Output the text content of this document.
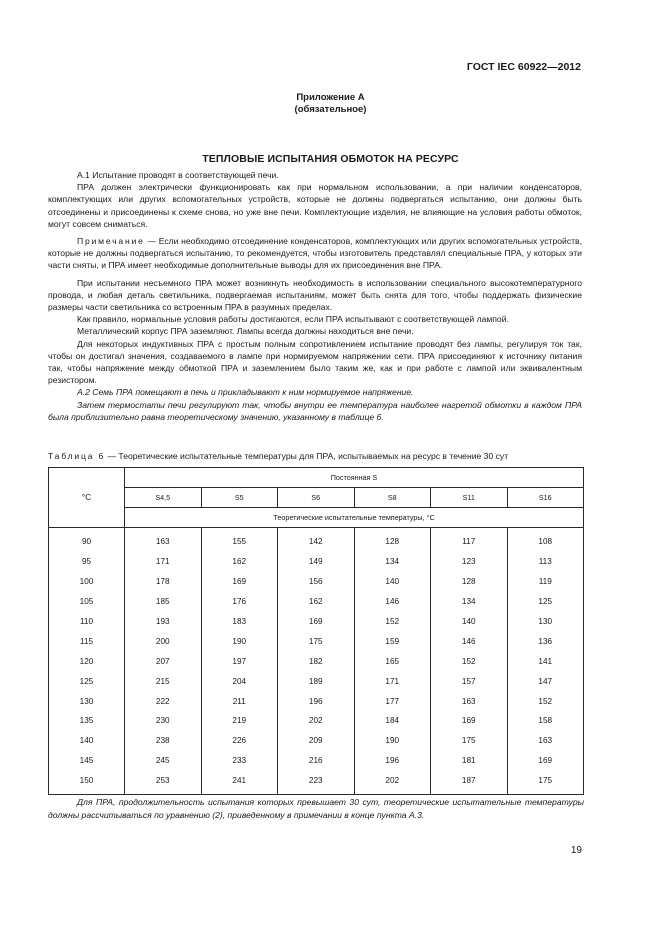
ГОСТ IEC 60922—2012
Приложение А
(обязательное)
ТЕПЛОВЫЕ ИСПЫТАНИЯ ОБМОТОК НА РЕСУРС

А.1 Испытание проводят в соответствующей печи.

ПРА должен электрически функционировать как при нормальном использовании, а при наличии конденсаторов, комплектующих или других вспомогательных устройств, которые не должны подвергаться испытанию, они должны быть отсоединены и присоединены к схеме снова, но уже вне печи. Комплектующие изделия, не влияющие на условия работы обмоток, могут совсем сниматься.

Примечание — Если необходимо отсоединение конденсаторов, комплектующих или других вспомогательных устройств, которые не должны подвергаться испытанию, то рекомендуется, чтобы изготовитель представлял специальные ПРА, у которых эти части сняты, и ПРА имеет необходимые дополнительные выводы для их присоединения вне ПРА.

При испытании несъемного ПРА может возникнуть необходимость в использовании специального высокотемпературного провода, и любая деталь светильника, подвергаемая испытаниям, может быть снята для того, чтобы поддержать физические размеры части светильника со встроенным ПРА в разумных пределах.

Как правило, нормальные условия работы достигаются, если ПРА испытывают с соответствующей лампой.

Металлический корпус ПРА заземляют. Лампы всегда должны находиться вне печи.

Для некоторых индуктивных ПРА с простым полным сопротивлением испытание проводят без лампы, регулируя ток так, чтобы он достигал значения, создаваемого в лампе при нормируемом напряжении сети. ПРА присоединяют к источнику питания так, чтобы напряжение между обмоткой ПРА и заземлением было таким же, как и при работе с лампой или эквивалентным резистором.

А.2 Семь ПРА помещают в печь и прикладывают к ним нормируемое напряжение.

Затем термостаты печи регулируют так, чтобы внутри ее температура наиболее нагретой обмотки в каждом ПРА была приблизительно равна теоретическому значению, указанному в таблице 6.

Таблица 6 — Теоретические испытательные температуры для ПРА, испытываемых на ресурс в течение 30 сут
°С	Постоянная S					
	S4,5	S5	S6	S8	S11	S16
	Теоретические испытательные температуры, °С					
90	163	155	142	128	117	108
95	171	162	149	134	123	113
100	178	169	156	140	128	119
105	185	176	162	146	134	125
110	193	183	169	152	140	130
115	200	190	175	159	146	136
120	207	197	182	165	152	141
125	215	204	189	171	157	147
130	222	211	196	177	163	152
135	230	219	202	184	169	158
140	238	226	209	190	175	163
145	245	233	216	196	181	169
150	253	241	223	202	187	175

Для ПРА, продолжительность испытания которых превышает 30 сут, теоретические испытательные температуры должны рассчитываться по уравнению (2), приведенному в примечании в конце пункта А.3.

19
